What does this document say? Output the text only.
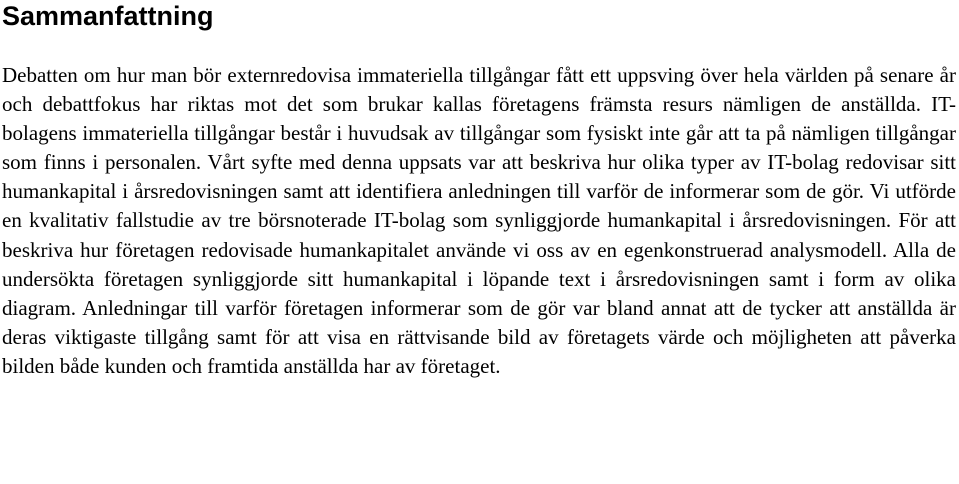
Sammanfattning

Debatten om hur man bör externredovisa immateriella tillgångar fått ett uppsving över hela världen på senare år och debattfokus har riktas mot det som brukar kallas företagens främsta resurs nämligen de anställda. IT-bolagens immateriella tillgångar består i huvudsak av tillgångar som fysiskt inte går att ta på nämligen tillgångar som finns i personalen. Vårt syfte med denna uppsats var att beskriva hur olika typer av IT-bolag redovisar sitt humankapital i årsredovisningen samt att identifiera anledningen till varför de informerar som de gör. Vi utförde en kvalitativ fallstudie av tre börsnoterade IT-bolag som synliggjorde humankapital i årsredovisningen. För att beskriva hur företagen redovisade humankapitalet använde vi oss av en egenkonstruerad analysmodell. Alla de undersökta företagen synliggjorde sitt humankapital i löpande text i årsredovisningen samt i form av olika diagram. Anledningar till varför företagen informerar som de gör var bland annat att de tycker att anställda är deras viktigaste tillgång samt för att visa en rättvisande bild av företagets värde och möjligheten att påverka bilden både kunden och framtida anställda har av företaget.
